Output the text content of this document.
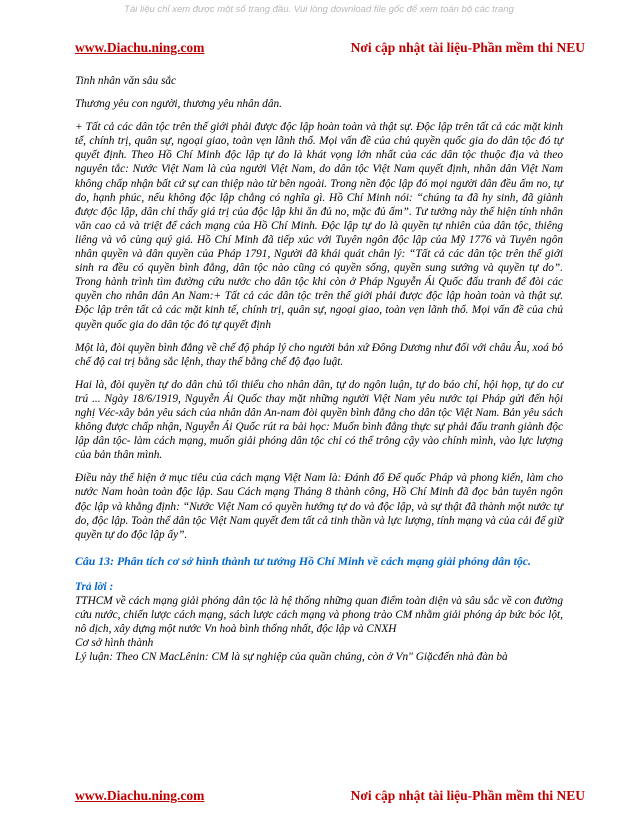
Tài liệu chỉ xem được một số trang đầu. Vui lòng download file gốc để xem toàn bộ các trang
www.Diachu.ning.com	Nơi cập nhật tài liệu-Phần mềm thi NEU

Tinh nhân văn sâu sắc

Thương yêu con người, thương yêu nhân dân.

+ Tất cả các dân tộc trên thế giới phải được độc lập hoàn toàn và thật sự. Độc lập trên tất cả các mặt kinh tế, chính trị, quân sự, ngoại giao, toàn vẹn lãnh thổ. Mọi vấn đề của chủ quyền quốc gia do dân tộc đó tự quyết định. Theo Hồ Chí Minh độc lập tự do là khát vọng lớn nhất của các dân tộc thuộc địa và theo nguyên tắc: Nước Việt Nam là của người Việt Nam, do dân tộc Việt Nam quyết định, nhân dân Việt Nam không chấp nhận bất cứ sự can thiệp nào từ bên ngoài. Trong nền độc lập đó mọi người dân đều ấm no, tự do, hạnh phúc, nếu không độc lập chẳng có nghĩa gì. Hồ Chí Minh nói: “chúng ta đã hy sinh, đã giành được độc lập, dân chỉ thấy giá trị của độc lập khi ăn đủ no, mặc đủ ấm”. Tư tưởng này thể hiện tính nhân văn cao cả và triệt để cách mạng của Hồ Chí Minh. Độc lập tự do là quyền tự nhiên của dân tộc, thiêng liêng và vô cùng quý giá. Hồ Chí Minh đã tiếp xúc với Tuyên ngôn độc lập của Mỹ 1776 và Tuyên ngôn nhân quyền và dân quyền của Pháp 1791, Người đã khái quát chân lý: “Tất cả các dân tộc trên thế giới sinh ra đều có quyền bình đẳng, dân tộc nào cũng có quyền sống, quyền sung sướng và quyền tự do”. Trong hành trình tìm đường cứu nước cho dân tộc khi còn ở Pháp Nguyễn Ái Quốc đấu tranh để đòi các quyền cho nhân dân An Nam:+ Tất cả các dân tộc trên thế giới phải được độc lập hoàn toàn và thật sự. Độc lập trên tất cả các mặt kinh tế, chính trị, quân sự, ngoại giao, toàn vẹn lãnh thổ. Mọi vấn đề của chủ quyền quốc gia do dân tộc đó tự quyết định

Một là, đòi quyền bình đẳng về chế độ pháp lý cho người bản xứ Đông Dương như đối với châu Âu, xoá bỏ chế độ cai trị bằng sắc lệnh, thay thế bằng chế độ đạo luật.

Hai là, đòi quyền tự do dân chủ tối thiểu cho nhân dân, tự do ngôn luận, tự do báo chí, hội họp, tự do cư trú ... Ngày 18/6/1919, Nguyễn Ái Quốc thay mặt những người Việt Nam yêu nước tại Pháp gửi đến hội nghị Véc-xây bản yêu sách của nhân dân An-nam đòi quyền bình đẳng cho dân tộc Việt Nam. Bản yêu sách không được chấp nhận, Nguyễn Ái Quốc rút ra bài học: Muốn bình đẳng thực sự phải đấu tranh giành độc lập dân tộc- làm cách mạng, muốn giải phóng dân tộc chỉ có thể trông cậy vào chính mình, vào lực lượng của bản thân mình.

Điều này thể hiện ở mục tiêu của cách mạng Việt Nam là: Đánh đổ Đế quốc Pháp và phong kiến, làm cho nước Nam hoàn toàn độc lập. Sau Cách mạng Tháng 8 thành công, Hồ Chí Minh đã đọc bản tuyên ngôn độc lập và khẳng định: “Nước Việt Nam có quyền hưởng tự do và độc lập, và sự thật đã thành một nước tự do, độc lập. Toàn thể dân tộc Việt Nam quyết đem tất cả tinh thần và lực lượng, tính mạng và của cải để giữ quyền tự do độc lập ấy”.

Câu 13: Phân tích cơ sở hình thành tư tưởng Hồ Chí Minh về cách mạng giải phóng dân tộc.

Trả lời :

TTHCM về cách mạng giải phóng dân tộc là hệ thống những quan điểm toàn diện và sâu sắc về con đường cứu nước, chiến lược cách mạng, sách lược cách mạng và phong trào CM nhằm giải phóng áp bức bóc lột, nô dịch, xây dựng một nước Vn hoà bình thống nhất, độc lập và CNXH

Cơ sở hình thành

Lý luận: Theo CN MacLênin: CM là sự nghiệp của quần chúng, còn ở Vn" Giặcđến nhà đàn bà

www.Diachu.ning.com	Nơi cập nhật tài liệu-Phần mềm thi NEU
